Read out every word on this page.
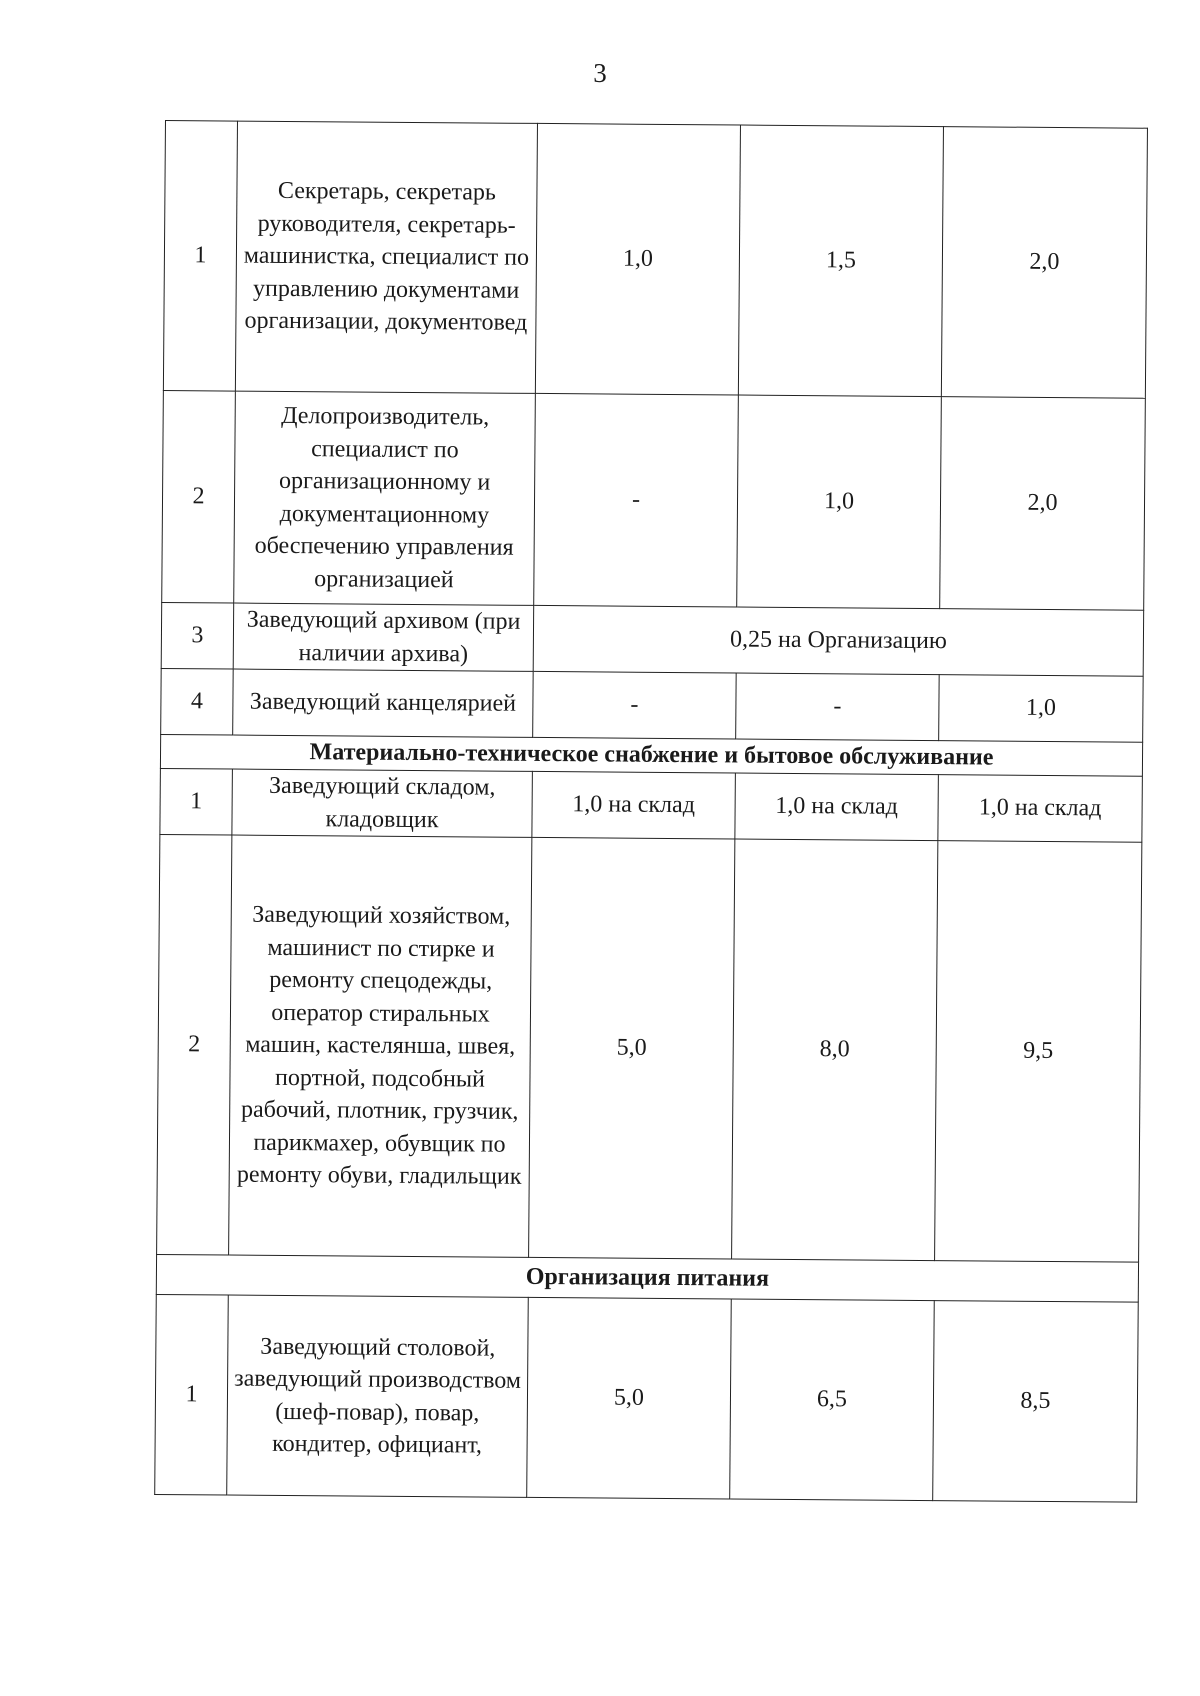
3
1	Секретарь, секретарь руководителя, секретарь-машинистка, специалист по управлению документами организации, документовед	1,0	1,5	2,0
2	Делопроизводитель, специалист по организационному и документационному обеспечению управления организацией	-	1,0	2,0
3	Заведующий архивом (при наличии архива)	0,25 на Организацию		
4	Заведующий канцелярией	-	-	1,0
Материально-техническое снабжение и бытовое обслуживание				
1	Заведующий складом, кладовщик	1,0 на склад	1,0 на склад	1,0 на склад
2	Заведующий хозяйством, машинист по стирке и ремонту спецодежды, оператор стиральных машин, кастелянша, швея, портной, подсобный рабочий, плотник, грузчик, парикмахер, обувщик по ремонту обуви, гладильщик	5,0	8,0	9,5
Организация питания				
1	Заведующий столовой, заведующий производством (шеф-повар), повар, кондитер, официант,	5,0	6,5	8,5
